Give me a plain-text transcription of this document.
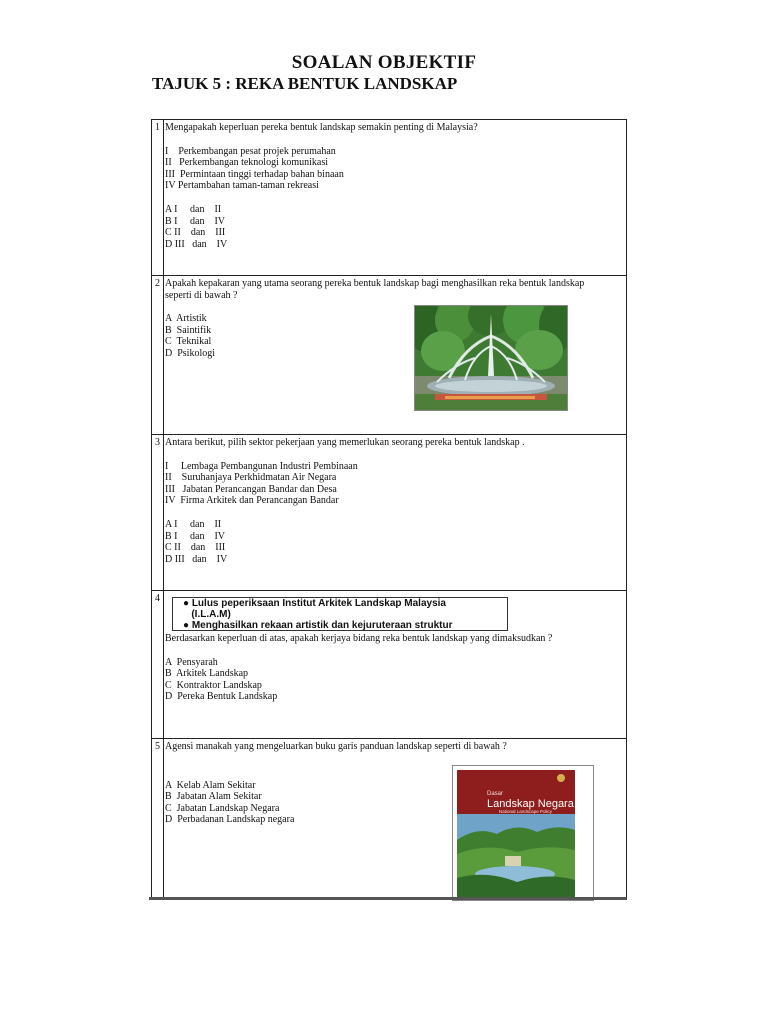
SOALAN OBJEKTIF
TAJUK 5 : REKA BENTUK LANDSKAP
1 Mengapakah keperluan pereka bentuk landskap semakin penting di Malaysia?
I    Perkembangan pesat projek perumahan
II   Perkembangan teknologi komunikasi
III  Permintaan tinggi terhadap bahan binaan
IV Pertambahan taman-taman rekreasi
A I     dan    II
B I     dan    IV
C II    dan    III
D III   dan    IV
2 Apakah kepakaran yang utama seorang pereka bentuk landskap bagi menghasilkan reka bentuk landskap
seperti di bawah ?
A  Artistik
B  Saintifik
C  Teknikal
D  Psikologi
3 Antara berikut, pilih sektor pekerjaan yang memerlukan seorang pereka bentuk landskap .
I     Lembaga Pembangunan Industri Pembinaan
II    Suruhanjaya Perkhidmatan Air Negara
III   Jabatan Perancangan Bandar dan Desa
IV  Firma Arkitek dan Perancangan Bandar
A I     dan    II
B I     dan    IV
C II    dan    III
D III   dan    IV
4
Berdasarkan keperluan di atas, apakah kerjaya bidang reka bentuk landskap yang dimaksudkan ?
A  Pensyarah
B  Arkitek Landskap
C  Kontraktor Landskap
D  Pereka Bentuk Landskap
● Lulus peperiksaan Institut Arkitek Landskap Malaysia
(I.L.A.M)
● Menghasilkan rekaan artistik dan kejuruteraan struktur
5 Agensi manakah yang mengeluarkan buku garis panduan landskap seperti di bawah ?
A  Kelab Alam Sekitar
B  Jabatan Alam Sekitar
C  Jabatan Landskap Negara
D  Perbadanan Landskap negara
Dasar
Landskap Negara
National Landscape Policy
